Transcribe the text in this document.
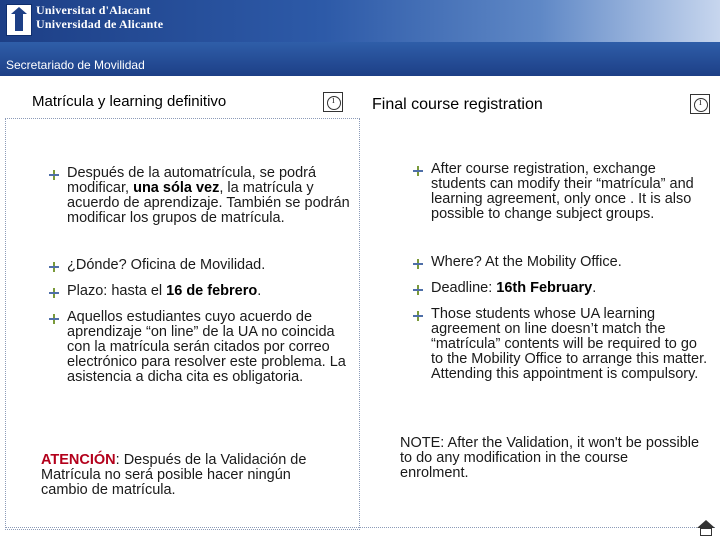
Universitat d'Alacant
Universidad de Alicante
Secretariado de Movilidad
Matrícula y learning definitivo
i	Final course registration
i
Después de la automatrícula, se podrá modificar, una sóla vez, la matrícula y acuerdo de aprendizaje. También se podrán modificar los grupos de matrícula.
¿Dónde? Oficina de Movilidad.
Plazo: hasta el 16 de febrero.
Aquellos estudiantes cuyo acuerdo de aprendizaje “on line” de la UA no coincida con la matrícula serán citados por correo electrónico para resolver este problema. La asistencia a dicha cita es obligatoria.
ATENCIÓN: Después de la Validación de Matrícula no será posible hacer ningún cambio de matrícula.
After course registration, exchange students can modify their “matrícula” and learning agreement, only once . It is also possible to change subject groups.
Where? At the Mobility Office.
Deadline: 16th February.
Those students whose UA learning agreement on line doesn’t match the “matrícula” contents will be required to go to the Mobility Office to arrange this matter. Attending this appointment is compulsory.
NOTE: After the Validation, it won't be possible to do any modification in the course enrolment.
